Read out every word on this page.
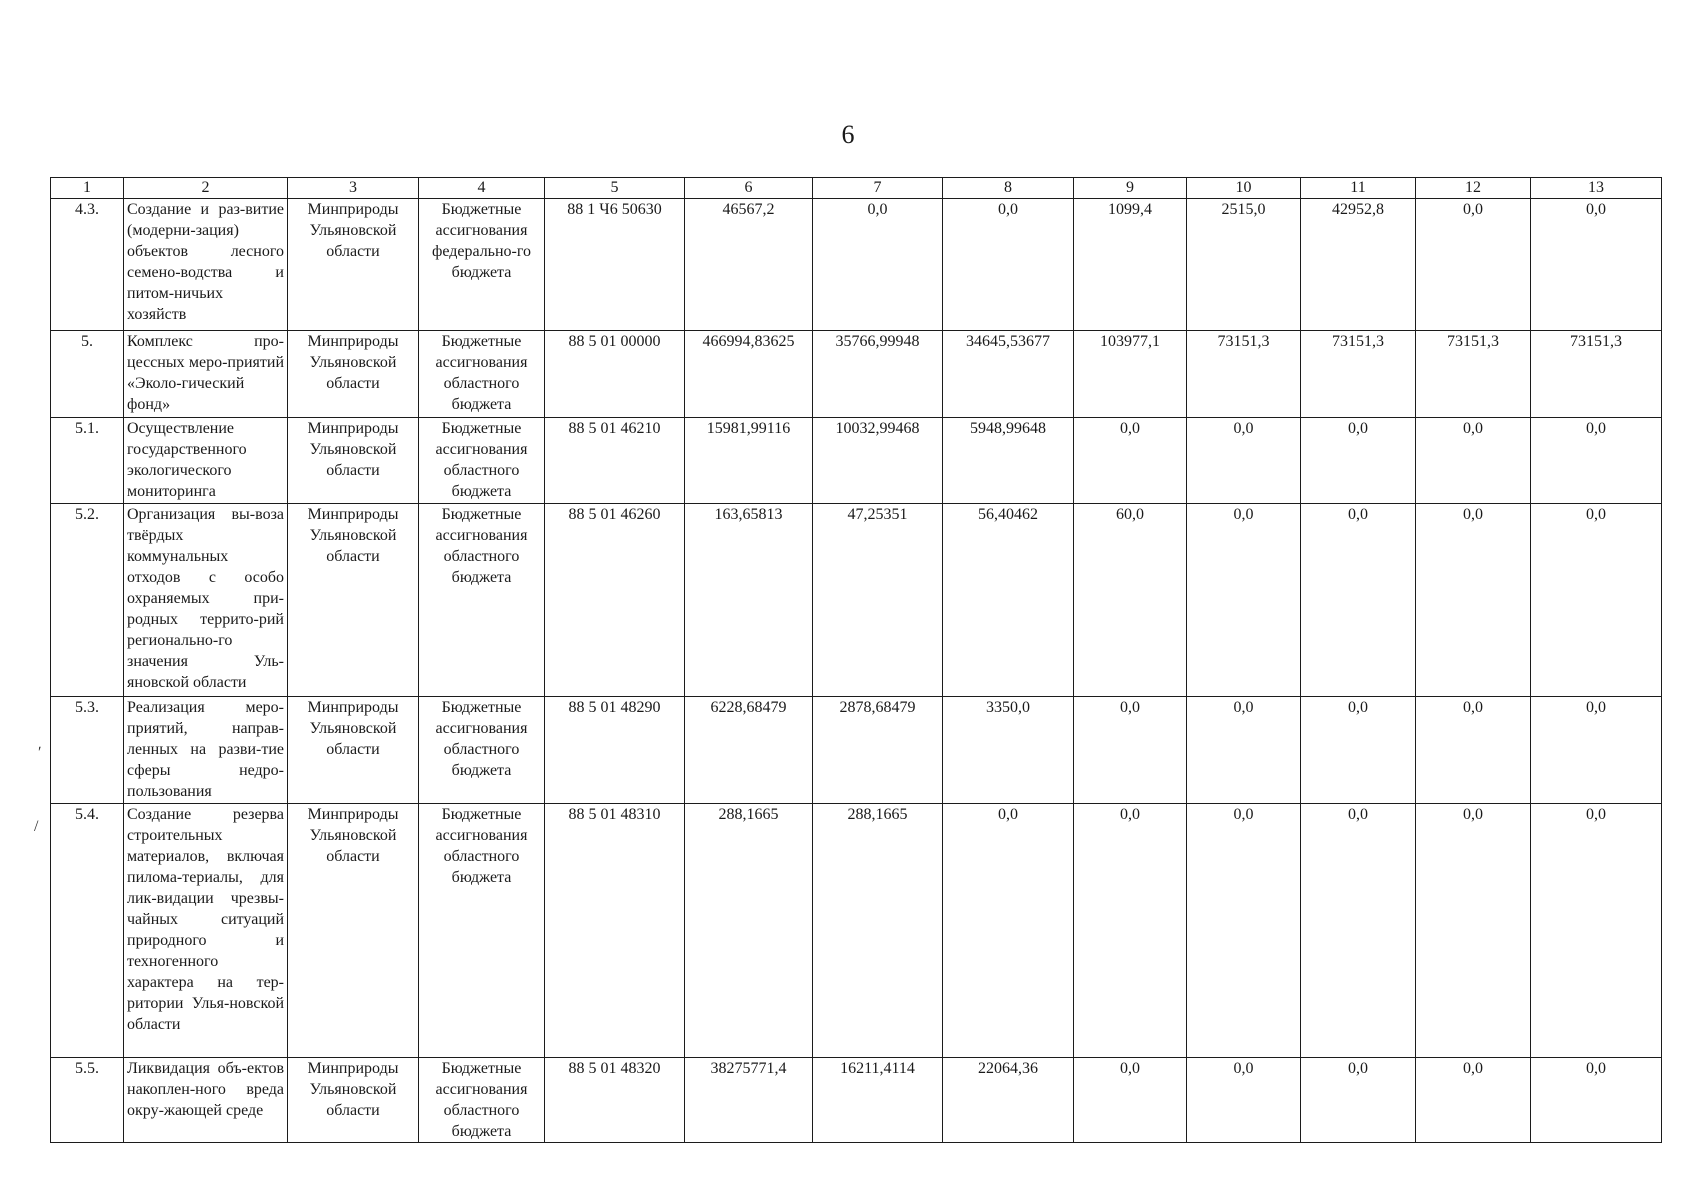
6
1	2	3	4	5	6	7	8	9	10	11	12	13
4.3.	Создание и раз-витие (модерни-зация) объектов лесного семено-водства и питом-ничьих хозяйств	Минприроды Ульяновской области	Бюджетные ассигнования федерально-го бюджета	88 1 Ч6 50630	46567,2	0,0	0,0	1099,4	2515,0	42952,8	0,0	0,0
5.	Комплекс про-цессных меро-приятий «Эколо-гический фонд»	Минприроды Ульяновской области	Бюджетные ассигнования областного бюджета	88 5 01 00000	466994,83625	35766,99948	34645,53677	103977,1	73151,3	73151,3	73151,3	73151,3
5.1.	Осуществление государственного экологического мониторинга	Минприроды Ульяновской области	Бюджетные ассигнования областного бюджета	88 5 01 46210	15981,99116	10032,99468	5948,99648	0,0	0,0	0,0	0,0	0,0
5.2.	Организация вы-воза твёрдых коммунальных отходов с особо охраняемых при-родных террито-рий регионально-го значения Уль-яновской области	Минприроды Ульяновской области	Бюджетные ассигнования областного бюджета	88 5 01 46260	163,65813	47,25351	56,40462	60,0	0,0	0,0	0,0	0,0
5.3.	Реализация меро-приятий, направ-ленных на разви-тие сферы недро-пользования	Минприроды Ульяновской области	Бюджетные ассигнования областного бюджета	88 5 01 48290	6228,68479	2878,68479	3350,0	0,0	0,0	0,0	0,0	0,0
5.4.	Создание резерва строительных материалов, включая пилома-териалы, для лик-видации чрезвы-чайных ситуаций природного и техногенного характера на тер-ритории Улья-новской области	Минприроды Ульяновской области	Бюджетные ассигнования областного бюджета	88 5 01 48310	288,1665	288,1665	0,0	0,0	0,0	0,0	0,0	0,0
5.5.	Ликвидация объ-ектов накоплен-ного вреда окру-жающей среде	Минприроды Ульяновской области	Бюджетные ассигнования областного бюджета	88 5 01 48320	38275771,4	16211,4114	22064,36	0,0	0,0	0,0	0,0	0,0
ʹ
/
